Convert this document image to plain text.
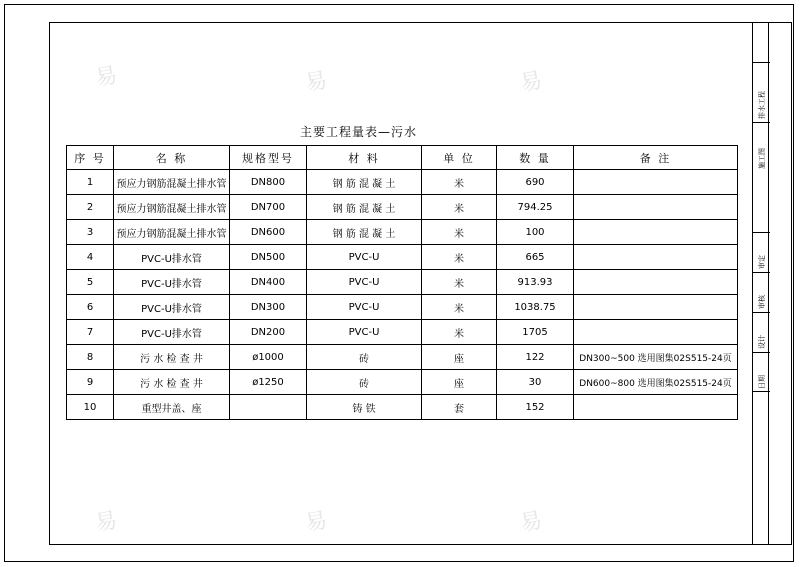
排水工程
施工图
审定
审核
设计
日期
主要工程量表—污水
序 号	名 称	规格型号	材 料	单 位	数 量	备 注
1	预应力钢筋混凝土排水管	DN800	钢 筋 混 凝 土	米	690	
2	预应力钢筋混凝土排水管	DN700	钢 筋 混 凝 土	米	794.25	
3	预应力钢筋混凝土排水管	DN600	钢 筋 混 凝 土	米	100	
4	PVC-U排水管	DN500	PVC-U	米	665	
5	PVC-U排水管	DN400	PVC-U	米	913.93	
6	PVC-U排水管	DN300	PVC-U	米	1038.75	
7	PVC-U排水管	DN200	PVC-U	米	1705	
8	污 水 检 查 井	ø1000	砖	座	122	DN300~500 选用图集02S515-24页
9	污 水 检 查 井	ø1250	砖	座	30	DN600~800 选用图集02S515-24页
10	重型井盖、座		铸 铁	套	152	
易	易	易
易	易	易
